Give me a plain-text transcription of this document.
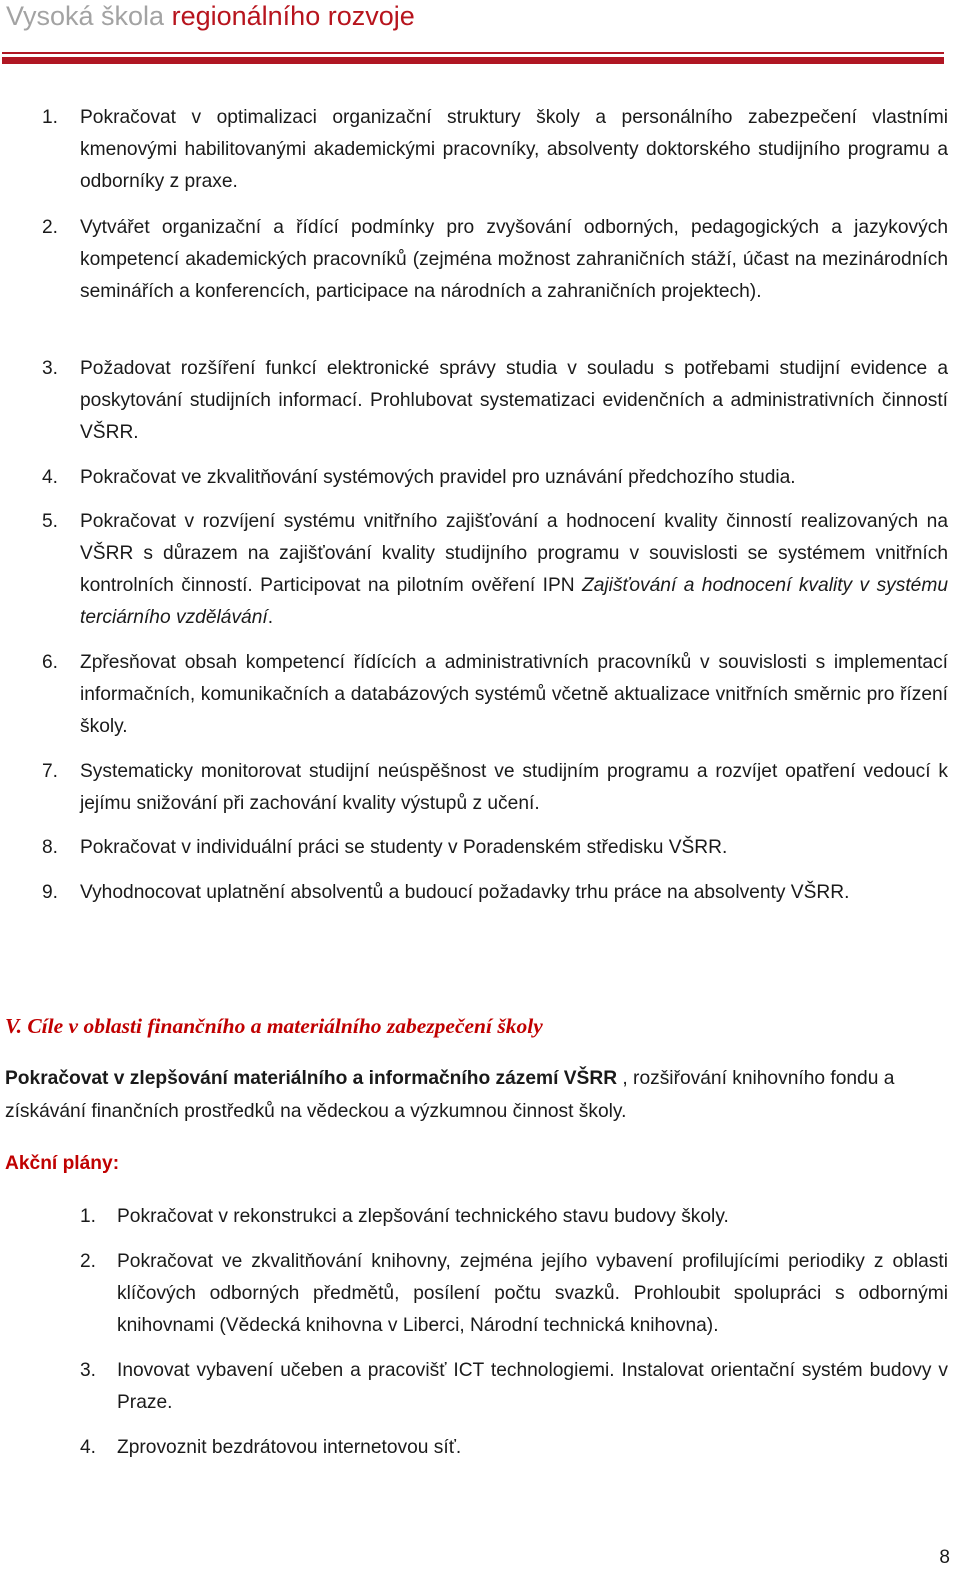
Vysoká škola regionálního rozvoje
1. Pokračovat v optimalizaci organizační struktury školy a personálního zabezpečení vlastními kmenovými habilitovanými akademickými pracovníky, absolventy doktorského studijního programu a odborníky z praxe.
2. Vytvářet organizační a řídící podmínky pro zvyšování odborných, pedagogických a jazykových kompetencí akademických pracovníků (zejména možnost zahraničních stáží, účast na mezinárodních seminářích a konferencích, participace na národních a zahraničních projektech).
3. Požadovat rozšíření funkcí elektronické správy studia v souladu s potřebami studijní evidence a poskytování studijních informací. Prohlubovat systematizaci evidenčních a administrativních činností VŠRR.
4. Pokračovat ve zkvalitňování systémových pravidel pro uznávání předchozího studia.
5. Pokračovat v rozvíjení systému vnitřního zajišťování a hodnocení kvality činností realizovaných na VŠRR s důrazem na zajišťování kvality studijního programu v souvislosti se systémem vnitřních kontrolních činností. Participovat na pilotním ověření IPN Zajišťování a hodnocení kvality v systému terciárního vzdělávání.
6. Zpřesňovat obsah kompetencí řídících a administrativních pracovníků v souvislosti s implementací informačních, komunikačních a databázových systémů včetně aktualizace vnitřních směrnic pro řízení školy.
7. Systematicky monitorovat studijní neúspěšnost ve studijním programu a rozvíjet opatření vedoucí k jejímu snižování při zachování kvality výstupů z učení.
8. Pokračovat v individuální práci se studenty v Poradenském středisku VŠRR.
9. Vyhodnocovat uplatnění absolventů a budoucí požadavky trhu práce na absolventy VŠRR.
V. Cíle v oblasti finančního a materiálního zabezpečení školy
Pokračovat v zlepšování materiálního a informačního zázemí VŠRR , rozšiřování knihovního fondu a získávání finančních prostředků na vědeckou a výzkumnou činnost školy.
Akční plány:
1. Pokračovat v rekonstrukci a zlepšování technického stavu budovy školy.
2. Pokračovat ve zkvalitňování knihovny, zejména jejího vybavení profilujícími periodiky z oblasti klíčových odborných předmětů, posílení počtu svazků. Prohloubit spolupráci s odbornými knihovnami (Vědecká knihovna v Liberci, Národní technická knihovna).
3. Inovovat vybavení učeben a pracovišť ICT technologiemi. Instalovat orientační systém budovy v Praze.
4. Zprovoznit bezdrátovou internetovou síť.
8
